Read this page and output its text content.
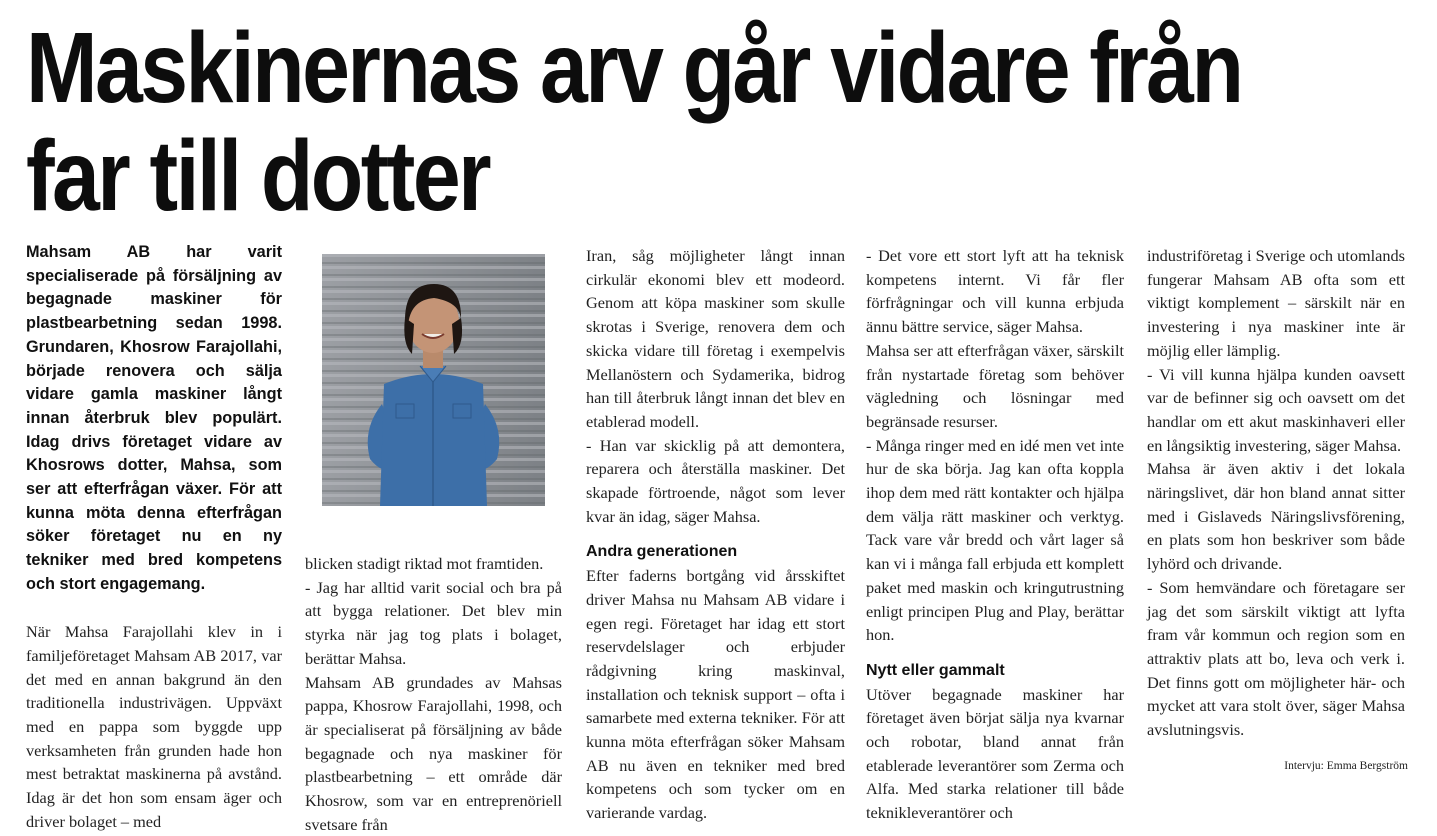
Maskinernas arv går vidare från
far till dotter

Mahsam AB har varit specialiserade på försäljning av begagnade maskiner för plastbearbetning sedan 1998. Grundaren, Khosrow Farajollahi, började renovera och sälja vidare gamla maskiner långt innan återbruk blev populärt. Idag drivs företaget vidare av Khosrows dotter, Mahsa, som ser att efterfrågan växer. För att kunna möta denna efterfrågan söker företaget nu en ny tekniker med bred kompetens och stort engagemang.

När Mahsa Farajollahi klev in i familjeföretaget Mahsam AB 2017, var det med en annan bakgrund än den traditionella industrivägen. Uppväxt med en pappa som byggde upp verksamheten från grunden hade hon mest betraktat maskinerna på avstånd. Idag är det hon som ensam äger och driver bolaget – med

blicken stadigt riktad mot framtiden.

- Jag har alltid varit social och bra på att bygga relationer. Det blev min styrka när jag tog plats i bolaget, berättar Mahsa.

Mahsam AB grundades av Mahsas pappa, Khosrow Farajollahi, 1998, och är specialiserat på försäljning av både begagnade och nya maskiner för plastbearbetning – ett område där Khosrow, som var en entreprenöriell svetsare från

Iran, såg möjligheter långt innan cirkulär ekonomi blev ett modeord. Genom att köpa maskiner som skulle skrotas i Sverige, renovera dem och skicka vidare till företag i exempelvis Mellanöstern och Sydamerika, bidrog han till återbruk långt innan det blev en etablerad modell.

- Han var skicklig på att demontera, reparera och återställa maskiner. Det skapade förtroende, något som lever kvar än idag, säger Mahsa.

Andra generationen

Efter faderns bortgång vid årsskiftet driver Mahsa nu Mahsam AB vidare i egen regi. Företaget har idag ett stort reservdelslager och erbjuder rådgivning kring maskinval, installation och teknisk support – ofta i samarbete med externa tekniker. För att kunna möta efterfrågan söker Mahsam AB nu även en tekniker med bred kompetens och som tycker om en varierande vardag.

- Det vore ett stort lyft att ha teknisk kompetens internt. Vi får fler förfrågningar och vill kunna erbjuda ännu bättre service, säger Mahsa.

Mahsa ser att efterfrågan växer, särskilt från nystartade företag som behöver vägledning och lösningar med begränsade resurser.

- Många ringer med en idé men vet inte hur de ska börja. Jag kan ofta koppla ihop dem med rätt kontakter och hjälpa dem välja rätt maskiner och verktyg. Tack vare vår bredd och vårt lager så kan vi i många fall erbjuda ett komplett paket med maskin och kringutrustning enligt principen Plug and Play, berättar hon.

Nytt eller gammalt

Utöver begagnade maskiner har företaget även börjat sälja nya kvarnar och robotar, bland annat från etablerade leverantörer som Zerma och Alfa. Med starka relationer till både teknikleverantörer och

industriföretag i Sverige och utomlands fungerar Mahsam AB ofta som ett viktigt komplement – särskilt när en investering i nya maskiner inte är möjlig eller lämplig.

- Vi vill kunna hjälpa kunden oavsett var de befinner sig och oavsett om det handlar om ett akut maskinhaveri eller en långsiktig investering, säger Mahsa.

Mahsa är även aktiv i det lokala näringslivet, där hon bland annat sitter med i Gislaveds Näringslivsförening, en plats som hon beskriver som både lyhörd och drivande.

- Som hemvändare och företagare ser jag det som särskilt viktigt att lyfta fram vår kommun och region som en attraktiv plats att bo, leva och verk i. Det finns gott om möjligheter här- och mycket att vara stolt över, säger Mahsa avslutningsvis.

Intervju: Emma Bergström
